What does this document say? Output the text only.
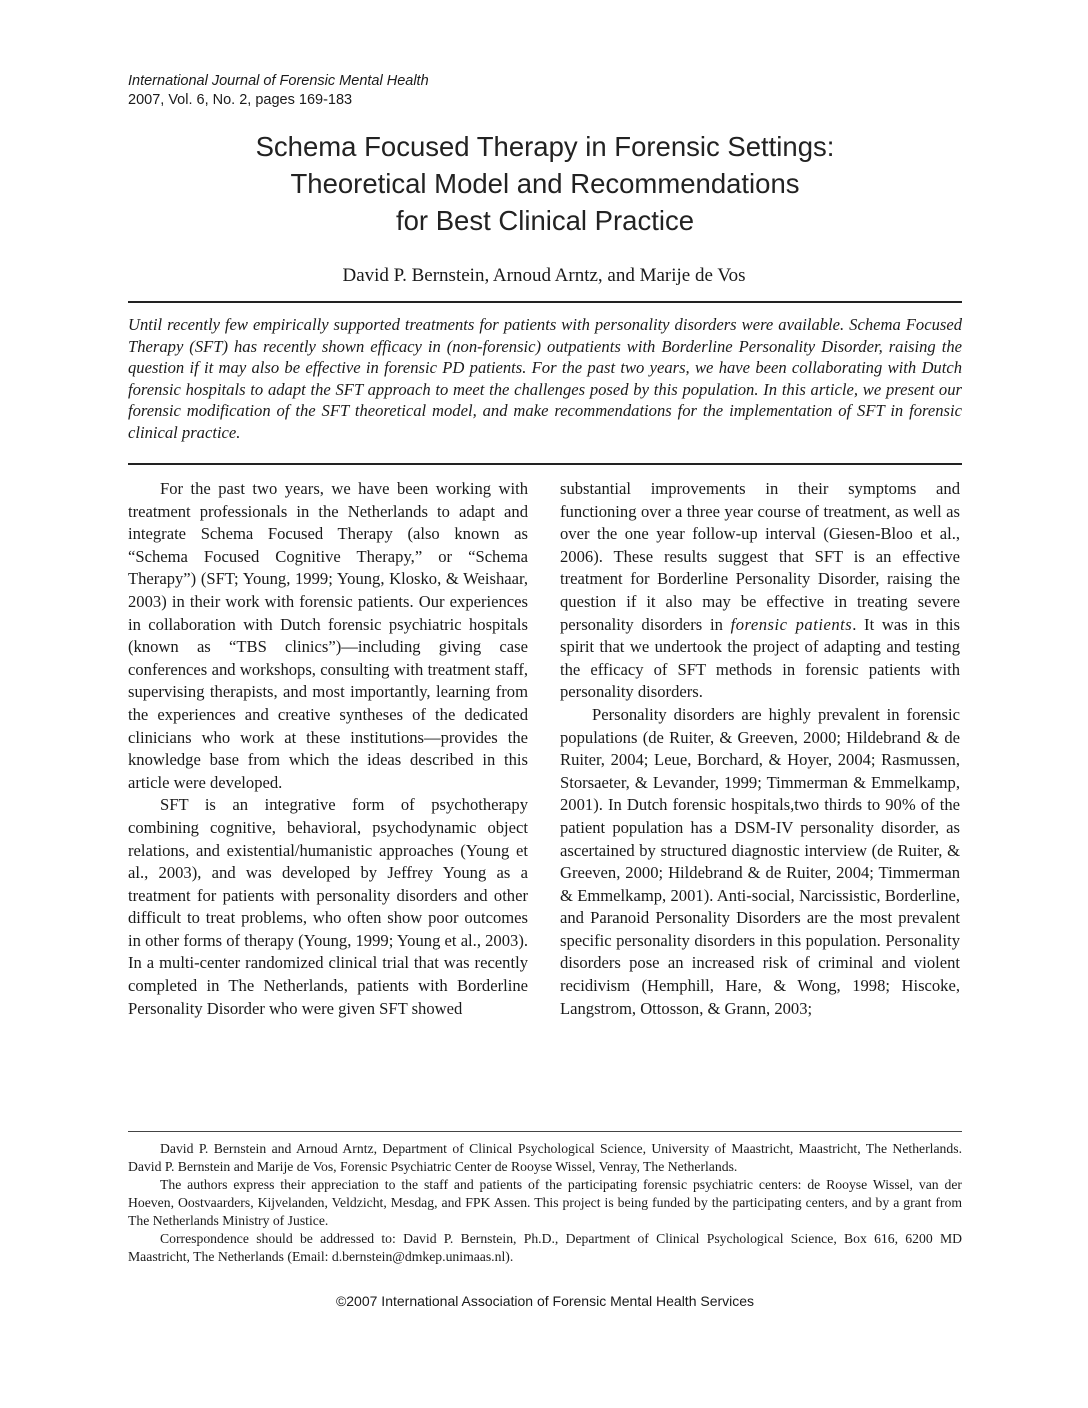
International Journal of Forensic Mental Health
2007, Vol. 6, No. 2, pages 169-183
Schema Focused Therapy in Forensic Settings:
Theoretical Model and Recommendations
for Best Clinical Practice
David P. Bernstein, Arnoud Arntz, and Marije de Vos
Until recently few empirically supported treatments for patients with personality disorders were available. Schema Focused Therapy (SFT) has recently shown efficacy in (non-forensic) outpatients with Borderline Personality Disorder, raising the question if it may also be effective in forensic PD patients. For the past two years, we have been collaborating with Dutch forensic hospitals to adapt the SFT approach to meet the challenges posed by this population. In this article, we present our forensic modification of the SFT theoretical model, and make recommendations for the implementation of SFT in forensic clinical practice.

For the past two years, we have been working with treatment professionals in the Netherlands to adapt and integrate Schema Focused Therapy (also known as “Schema Focused Cognitive Therapy,” or “Schema Therapy”) (SFT; Young, 1999; Young, Klosko, & Weishaar, 2003) in their work with forensic patients. Our experiences in collaboration with Dutch forensic psychiatric hospitals (known as “TBS clinics”)—including giving case conferences and workshops, consulting with treatment staff, supervising therapists, and most importantly, learning from the experiences and creative syntheses of the dedicated clinicians who work at these institutions—provides the knowledge base from which the ideas described in this article were developed.

SFT is an integrative form of psychotherapy combining cognitive, behavioral, psychodynamic object relations, and existential/humanistic approaches (Young et al., 2003), and was developed by Jeffrey Young as a treatment for patients with personality disorders and other difficult to treat problems, who often show poor outcomes in other forms of therapy (Young, 1999; Young et al., 2003). In a multi-center randomized clinical trial that was recently completed in The Netherlands, patients with Borderline Personality Disorder who were given SFT showed

substantial improvements in their symptoms and functioning over a three year course of treatment, as well as over the one year follow-up interval (Giesen-Bloo et al., 2006). These results suggest that SFT is an effective treatment for Borderline Personality Disorder, raising the question if it also may be effective in treating severe personality disorders in forensic patients. It was in this spirit that we undertook the project of adapting and testing the efficacy of SFT methods in forensic patients with personality disorders.

Personality disorders are highly prevalent in forensic populations (de Ruiter, & Greeven, 2000; Hildebrand & de Ruiter, 2004; Leue, Borchard, & Hoyer, 2004; Rasmussen, Storsaeter, & Levander, 1999; Timmerman & Emmelkamp, 2001). In Dutch forensic hospitals,two thirds to 90% of the patient population has a DSM-IV personality disorder, as ascertained by structured diagnostic interview (de Ruiter, & Greeven, 2000; Hildebrand & de Ruiter, 2004; Timmerman & Emmelkamp, 2001). Anti-social, Narcissistic, Borderline, and Paranoid Personality Disorders are the most prevalent specific personality disorders in this population. Personality disorders pose an increased risk of criminal and violent recidivism (Hemphill, Hare, & Wong, 1998; Hiscoke, Langstrom, Ottosson, & Grann, 2003;

David P. Bernstein and Arnoud Arntz, Department of Clinical Psychological Science, University of Maastricht, Maastricht, The Netherlands. David P. Bernstein and Marije de Vos, Forensic Psychiatric Center de Rooyse Wissel, Venray, The Netherlands.

The authors express their appreciation to the staff and patients of the participating forensic psychiatric centers: de Rooyse Wissel, van der Hoeven, Oostvaarders, Kijvelanden, Veldzicht, Mesdag, and FPK Assen. This project is being funded by the participating centers, and by a grant from The Netherlands Ministry of Justice.

Correspondence should be addressed to: David P. Bernstein, Ph.D., Department of Clinical Psychological Science, Box 616, 6200 MD Maastricht, The Netherlands (Email: d.bernstein@dmkep.unimaas.nl).

©2007 International Association of Forensic Mental Health Services
